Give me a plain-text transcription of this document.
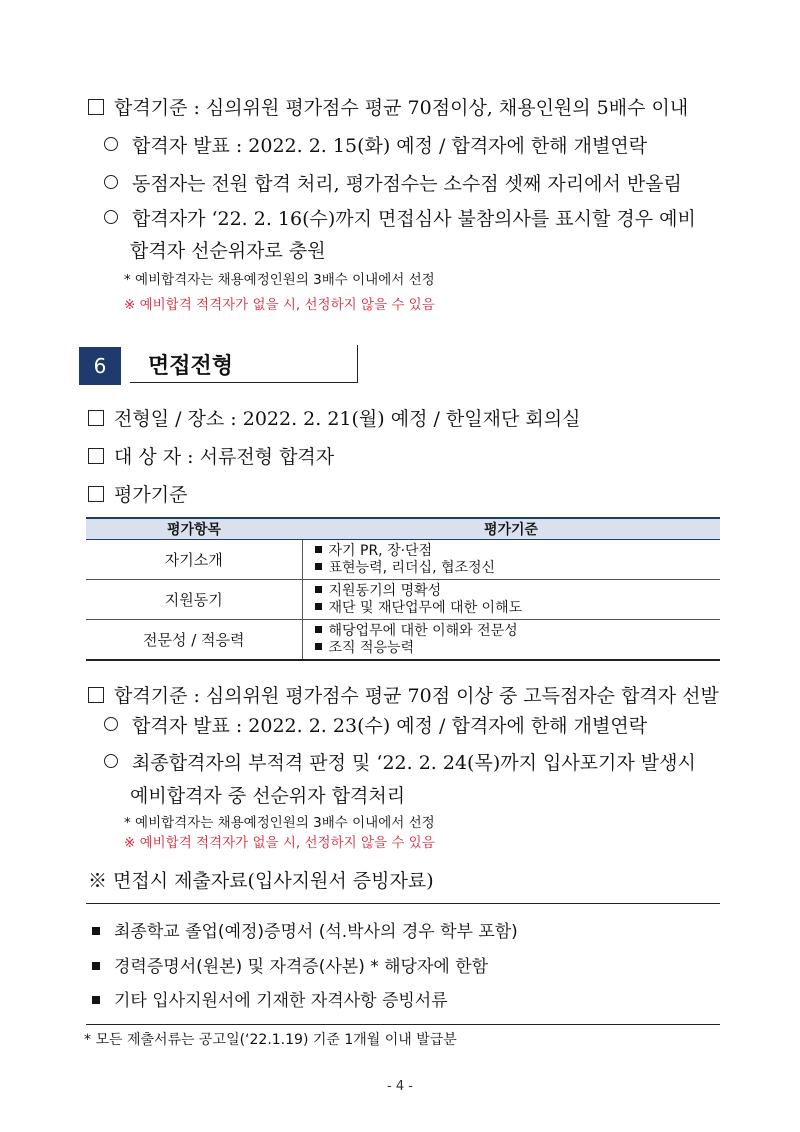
합격기준 : 심의위원 평가점수 평균 70점이상, 채용인원의 5배수 이내
합격자 발표 : 2022. 2. 15(화) 예정 / 합격자에 한해 개별연락
동점자는 전원 합격 처리, 평가점수는 소수점 셋째 자리에서 반올림
합격자가 ‘22. 2. 16(수)까지 면접심사 불참의사를 표시할 경우 예비
합격자 선순위자로 충원
* 예비합격자는 채용예정인원의 3배수 이내에서 선정
※ 예비합격 적격자가 없을 시, 선정하지 않을 수 있음
6	면접전형
전형일 / 장소 : 2022. 2. 21(월) 예정 / 한일재단 회의실
대 상 자 : 서류전형 합격자
평가기준
평가항목	평가기준
자기소개	자기 PR, 장·단점
표현능력, 리더십, 협조정신

지원동기	지원동기의 명확성
재단 및 재단업무에 대한 이해도

전문성 / 적응력	해당업무에 대한 이해와 전문성
조직 적응능력
합격기준 : 심의위원 평가점수 평균 70점 이상 중 고득점자순 합격자 선발
합격자 발표 : 2022. 2. 23(수) 예정 / 합격자에 한해 개별연락
최종합격자의 부적격 판정 및 ‘22. 2. 24(목)까지 입사포기자 발생시
예비합격자 중 선순위자 합격처리
* 예비합격자는 채용예정인원의 3배수 이내에서 선정
※ 예비합격 적격자가 없을 시, 선정하지 않을 수 있음
※ 면접시 제출자료(입사지원서 증빙자료)
최종학교 졸업(예정)증명서 (석.박사의 경우 학부 포함)
경력증명서(원본) 및 자격증(사본) * 해당자에 한함
기타 입사지원서에 기재한 자격사항 증빙서류
* 모든 제출서류는 공고일(‘22.1.19) 기준 1개월 이내 발급분
- 4 -
